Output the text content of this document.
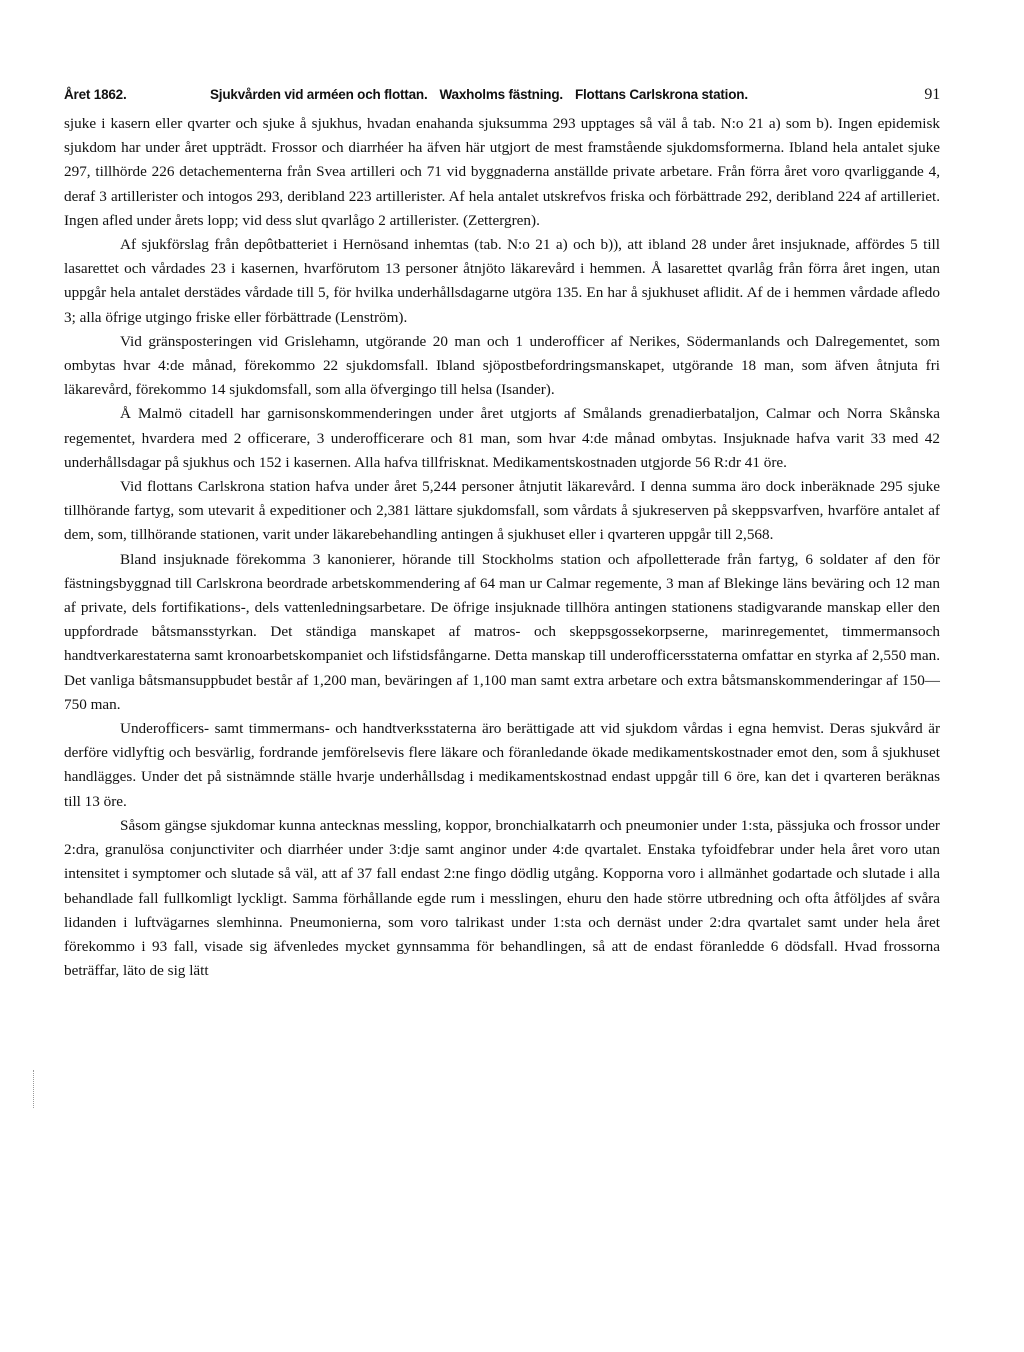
Året 1862.	Sjukvården vid arméen och flottan. Waxholms fästning. Flottans Carlskrona station.	91

sjuke i kasern eller qvarter och sjuke å sjukhus, hvadan enahanda sjuksumma 293 upptages så väl å tab. N:o 21 a) som b). Ingen epidemisk sjukdom har under året uppträdt. Frossor och diarrhéer ha äfven här utgjort de mest framstående sjukdomsformerna. Ibland hela antalet sjuke 297, tillhörde 226 detachementerna från Svea artilleri och 71 vid byggnaderna anställde private arbetare. Från förra året voro qvarliggande 4, deraf 3 artillerister och intogos 293, deribland 223 artillerister. Af hela antalet utskrefvos friska och förbättrade 292, deribland 224 af artilleriet. Ingen afled under årets lopp; vid dess slut qvarlågo 2 artillerister. (Zettergren).

Af sjukförslag från depôtbatteriet i Hernösand inhemtas (tab. N:o 21 a) och b)), att ibland 28 under året insjuknade, affördes 5 till lasarettet och vårdades 23 i kasernen, hvarförutom 13 personer åtnjöto läkarevård i hemmen. Å lasarettet qvarlåg från förra året ingen, utan uppgår hela antalet derstädes vårdade till 5, för hvilka underhållsdagarne utgöra 135. En har å sjukhuset aflidit. Af de i hemmen vårdade afledo 3; alla öfrige utgingo friske eller förbättrade (Lenström).

Vid gränsposteringen vid Grislehamn, utgörande 20 man och 1 underofficer af Nerikes, Södermanlands och Dalregementet, som ombytas hvar 4:de månad, förekommo 22 sjukdomsfall. Ibland sjöpostbefordringsmanskapet, utgörande 18 man, som äfven åtnjuta fri läkarevård, förekommo 14 sjukdomsfall, som alla öfvergingo till helsa (Isander).

Å Malmö citadell har garnisonskommenderingen under året utgjorts af Smålands grenadierbataljon, Calmar och Norra Skånska regementet, hvardera med 2 officerare, 3 underofficerare och 81 man, som hvar 4:de månad ombytas. Insjuknade hafva varit 33 med 42 underhållsdagar på sjukhus och 152 i kasernen. Alla hafva tillfrisknat. Medikamentskostnaden utgjorde 56 R:dr 41 öre.

Vid flottans Carlskrona station hafva under året 5,244 personer åtnjutit läkarevård. I denna summa äro dock inberäknade 295 sjuke tillhörande fartyg, som utevarit å expeditioner och 2,381 lättare sjukdomsfall, som vårdats å sjukreserven på skeppsvarfven, hvarföre antalet af dem, som, tillhörande stationen, varit under läkarebehandling antingen å sjukhuset eller i qvarteren uppgår till 2,568.

Bland insjuknade förekomma 3 kanonierer, hörande till Stockholms station och afpolletterade från fartyg, 6 soldater af den för fästningsbyggnad till Carlskrona beordrade arbetskommendering af 64 man ur Calmar regemente, 3 man af Blekinge läns beväring och 12 man af private, dels fortifikations-, dels vattenledningsarbetare. De öfrige insjuknade tillhöra antingen stationens stadigvarande manskap eller den uppfordrade båtsmansstyrkan. Det ständiga manskapet af matros- och skeppsgossekorpserne, marinregementet, timmermansoch handtverkarestaterna samt kronoarbetskompaniet och lifstidsfångarne. Detta manskap till underofficersstaterna omfattar en styrka af 2,550 man. Det vanliga båtsmansuppbudet består af 1,200 man, beväringen af 1,100 man samt extra arbetare och extra båtsmanskommenderingar af 150—750 man.

Underofficers- samt timmermans- och handtverksstaterna äro berättigade att vid sjukdom vårdas i egna hemvist. Deras sjukvård är derföre vidlyftig och besvärlig, fordrande jemförelsevis flere läkare och föranledande ökade medikamentskostnader emot den, som å sjukhuset handlägges. Under det på sistnämnde ställe hvarje underhållsdag i medikamentskostnad endast uppgår till 6 öre, kan det i qvarteren beräknas till 13 öre.

Såsom gängse sjukdomar kunna antecknas messling, koppor, bronchialkatarrh och pneumonier under 1:sta, pässjuka och frossor under 2:dra, granulösa conjunctiviter och diarrhéer under 3:dje samt anginor under 4:de qvartalet. Enstaka tyfoidfebrar under hela året voro utan intensitet i symptomer och slutade så väl, att af 37 fall endast 2:ne fingo dödlig utgång. Kopporna voro i allmänhet godartade och slutade i alla behandlade fall fullkomligt lyckligt. Samma förhållande egde rum i messlingen, ehuru den hade större utbredning och ofta åtföljdes af svåra lidanden i luftvägarnes slemhinna. Pneumonierna, som voro talrikast under 1:sta och dernäst under 2:dra qvartalet samt under hela året förekommo i 93 fall, visade sig äfvenledes mycket gynnsamma för behandlingen, så att de endast föranledde 6 dödsfall. Hvad frossorna beträffar, läto de sig lätt
